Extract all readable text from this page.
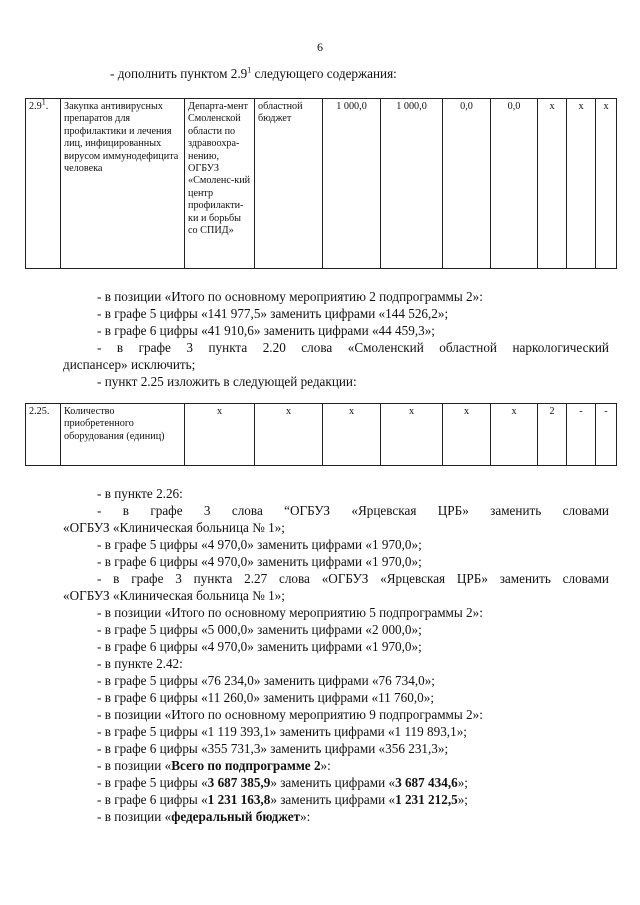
6
- дополнить пунктом $2.9^1$ следующего содержания:
$2.9^1$.	Закупка антивирусных препаратов для профилактики и лечения лиц, инфицированных вирусом иммунодефицита человека	Департа-мент Смоленской области по здравоохра-нению, ОГБУЗ «Смоленс-кий центр профилакти-ки и борьбы со СПИД»	областной бюджет	1 000,0	1 000,0	0,0	0,0	х	х	х
- в позиции «Итого по основному мероприятию 2 подпрограммы 2»:
- в графе 5 цифры «141 977,5» заменить цифрами «144 526,2»;
- в графе 6 цифры «41 910,6» заменить цифрами «44 459,3»;
- в графе 3 пункта 2.20 слова «Смоленский областной наркологический
диспансер» исключить;
- пункт 2.25 изложить в следующей редакции:
2.25.	Количество приобретенного оборудования (единиц)	х	х	х	х	х	х	2	-	-
- в пункте 2.26:
- в графе 3 слова “ОГБУЗ «Ярцевская ЦРБ» заменить словами
«ОГБУЗ «Клиническая больница № 1»;
- в графе 5 цифры «4 970,0» заменить цифрами «1 970,0»;
- в графе 6 цифры «4 970,0» заменить цифрами «1 970,0»;
- в графе 3 пункта 2.27 слова «ОГБУЗ «Ярцевская ЦРБ» заменить словами
«ОГБУЗ «Клиническая больница № 1»;
- в позиции «Итого по основному мероприятию 5 подпрограммы 2»:
- в графе 5 цифры «5 000,0» заменить цифрами «2 000,0»;
- в графе 6 цифры «4 970,0» заменить цифрами «1 970,0»;
- в пункте 2.42:
- в графе 5 цифры «76 234,0» заменить цифрами «76 734,0»;
- в графе 6 цифры «11 260,0» заменить цифрами «11 760,0»;
- в позиции «Итого по основному мероприятию 9 подпрограммы 2»:
- в графе 5 цифры «1 119 393,1» заменить цифрами «1 119 893,1»;
- в графе 6 цифры «355 731,3» заменить цифрами «356 231,3»;
- в позиции «Всего по подпрограмме 2»:
- в графе 5 цифры «3 687 385,9» заменить цифрами «3 687 434,6»;
- в графе 6 цифры «1 231 163,8» заменить цифрами «1 231 212,5»;
- в позиции «федеральный бюджет»:
